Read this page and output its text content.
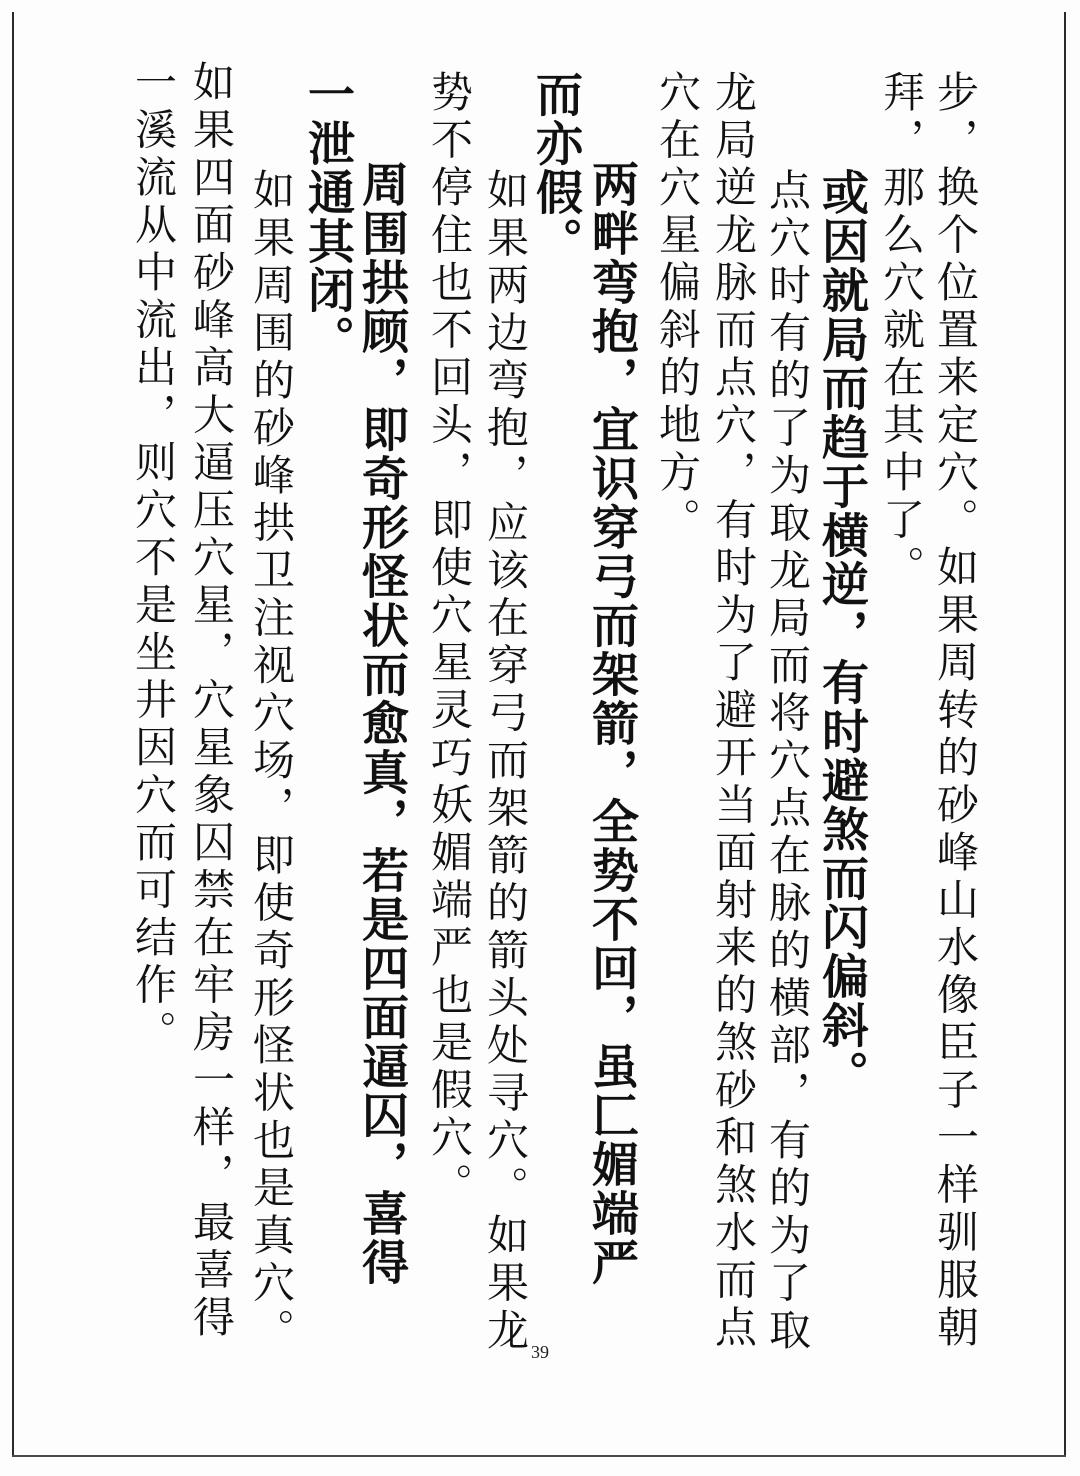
步，换个位置来定穴。如果周转的砂峰山水像臣子一样驯服朝

拜，那么穴就在其中了。

或因就局而趋于横逆，有时避煞而闪偏斜。

点穴时有的了为取龙局而将穴点在脉的横部，有的为了取

龙局逆龙脉而点穴，有时为了避开当面射来的煞砂和煞水而点

穴在穴星偏斜的地方。

两畔弯抱，宜识穿弓而架箭，全势不回，虽匚媚端严

而亦假。

如果两边弯抱，应该在穿弓而架箭的箭头处寻穴。如果龙

势不停住也不回头，即使穴星灵巧妖媚端严也是假穴。

周围拱顾，即奇形怪状而愈真，若是四面逼囚，喜得

一泄通其闭。

如果周围的砂峰拱卫注视穴场，即使奇形怪状也是真穴。

如果四面砂峰高大逼压穴星，穴星象囚禁在牢房一样，最喜得

一溪流从中流出，则穴不是坐井因穴而可结作。

39
